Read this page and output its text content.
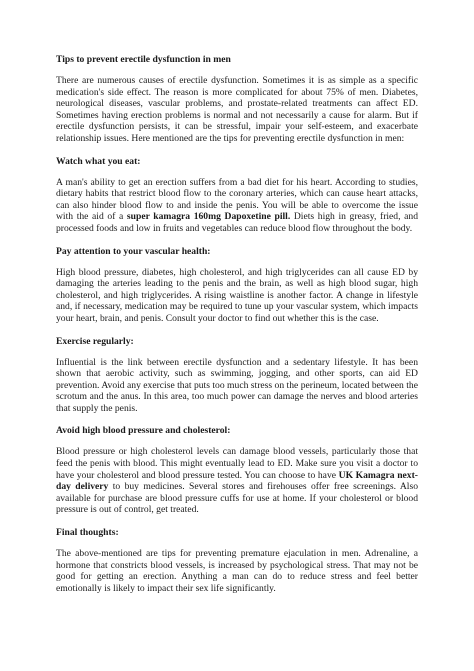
Tips to prevent erectile dysfunction in men

There are numerous causes of erectile dysfunction. Sometimes it is as simple as a specific medication's side effect. The reason is more complicated for about 75% of men. Diabetes, neurological diseases, vascular problems, and prostate-related treatments can affect ED. Sometimes having erection problems is normal and not necessarily a cause for alarm. But if erectile dysfunction persists, it can be stressful, impair your self-esteem, and exacerbate relationship issues. Here mentioned are the tips for preventing erectile dysfunction in men:

Watch what you eat:

A man's ability to get an erection suffers from a bad diet for his heart. According to studies, dietary habits that restrict blood flow to the coronary arteries, which can cause heart attacks, can also hinder blood flow to and inside the penis. You will be able to overcome the issue with the aid of a super kamagra 160mg Dapoxetine pill. Diets high in greasy, fried, and processed foods and low in fruits and vegetables can reduce blood flow throughout the body.

Pay attention to your vascular health:

High blood pressure, diabetes, high cholesterol, and high triglycerides can all cause ED by damaging the arteries leading to the penis and the brain, as well as high blood sugar, high cholesterol, and high triglycerides. A rising waistline is another factor. A change in lifestyle and, if necessary, medication may be required to tune up your vascular system, which impacts your heart, brain, and penis. Consult your doctor to find out whether this is the case.

Exercise regularly:

Influential is the link between erectile dysfunction and a sedentary lifestyle. It has been shown that aerobic activity, such as swimming, jogging, and other sports, can aid ED prevention. Avoid any exercise that puts too much stress on the perineum, located between the scrotum and the anus. In this area, too much power can damage the nerves and blood arteries that supply the penis.

Avoid high blood pressure and cholesterol:

Blood pressure or high cholesterol levels can damage blood vessels, particularly those that feed the penis with blood. This might eventually lead to ED. Make sure you visit a doctor to have your cholesterol and blood pressure tested. You can choose to have UK Kamagra next-day delivery to buy medicines. Several stores and firehouses offer free screenings. Also available for purchase are blood pressure cuffs for use at home. If your cholesterol or blood pressure is out of control, get treated.

Final thoughts:

The above-mentioned are tips for preventing premature ejaculation in men. Adrenaline, a hormone that constricts blood vessels, is increased by psychological stress. That may not be good for getting an erection. Anything a man can do to reduce stress and feel better emotionally is likely to impact their sex life significantly.
